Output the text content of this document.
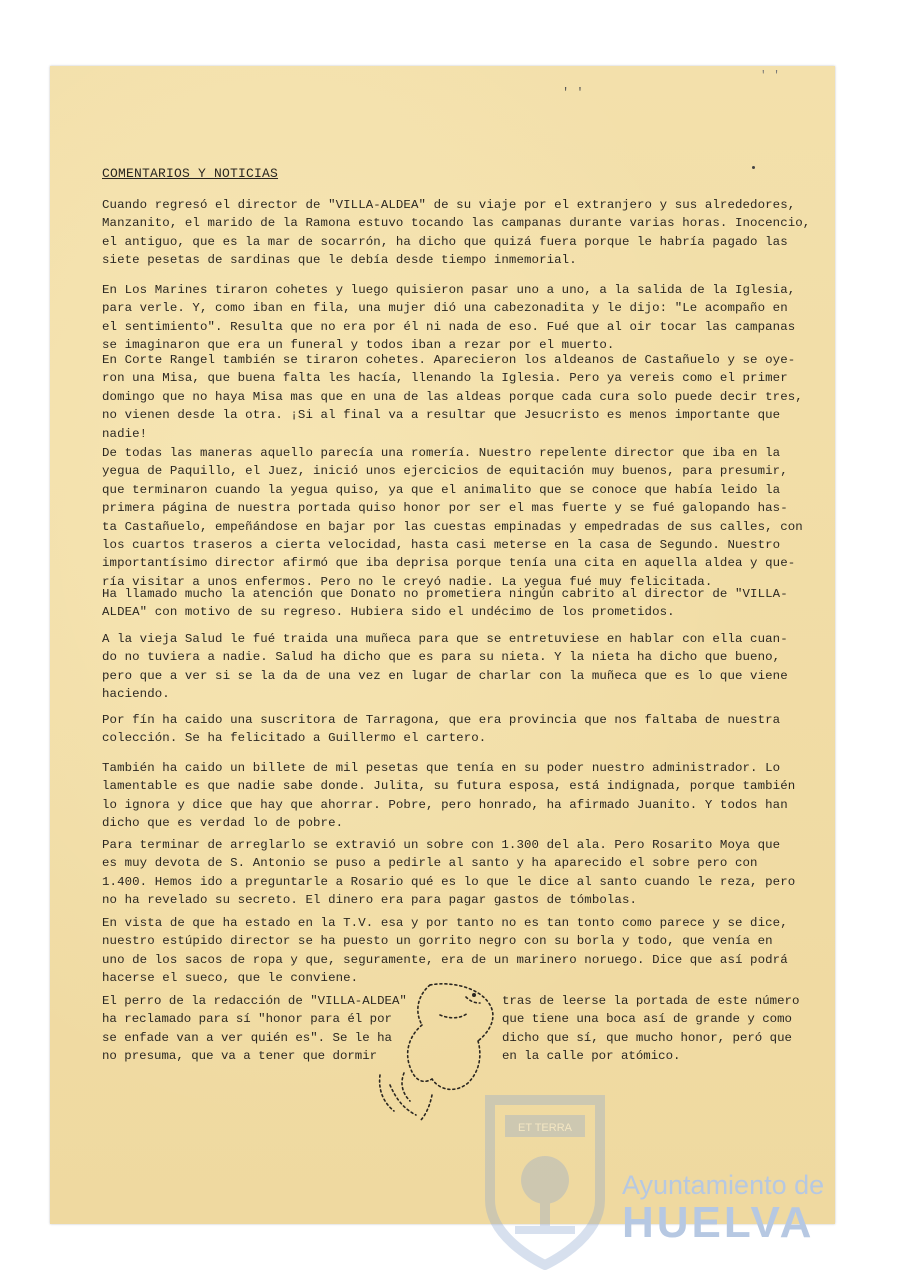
' '
' '
COMENTARIOS Y NOTICIAS

Cuando regresó el director de "VILLA-ALDEA" de su viaje por el extranjero y sus alrededores,
Manzanito, el marido de la Ramona estuvo tocando las campanas durante varias horas. Inocencio,
el antiguo, que es la mar de socarrón, ha dicho que quizá fuera porque le habría pagado las
siete pesetas de sardinas que le debía desde tiempo inmemorial.

En Los Marines tiraron cohetes y luego quisieron pasar uno a uno, a la salida de la Iglesia,
para verle. Y, como iban en fila, una mujer dió una cabezonadita y le dijo: "Le acompaño en
el sentimiento". Resulta que no era por él ni nada de eso. Fué que al oir tocar las campanas
se imaginaron que era un funeral y todos iban a rezar por el muerto.

En Corte Rangel también se tiraron cohetes. Aparecieron los aldeanos de Castañuelo y se oye-
ron una Misa, que buena falta les hacía, llenando la Iglesia. Pero ya vereis como el primer
domingo que no haya Misa mas que en una de las aldeas porque cada cura solo puede decir tres,
no vienen desde la otra. ¡Si al final va a resultar que Jesucristo es menos importante que
nadie!

De todas las maneras aquello parecía una romería. Nuestro repelente director que iba en la
yegua de Paquillo, el Juez, inició unos ejercicios de equitación muy buenos, para presumir,
que terminaron cuando la yegua quiso, ya que el animalito que se conoce que había leido la
primera página de nuestra portada quiso honor por ser el mas fuerte y se fué galopando has-
ta Castañuelo, empeñándose en bajar por las cuestas empinadas y empedradas de sus calles, con
los cuartos traseros a cierta velocidad, hasta casi meterse en la casa de Segundo. Nuestro
importantísimo director afirmó que iba deprisa porque tenía una cita en aquella aldea y que-
ría visitar a unos enfermos. Pero no le creyó nadie. La yegua fué muy felicitada.

Ha llamado mucho la atención que Donato no prometiera ningún cabrito al director de "VILLA-
ALDEA" con motivo de su regreso. Hubiera sido el undécimo de los prometidos.

A la vieja Salud le fué traida una muñeca para que se entretuviese en hablar con ella cuan-
do no tuviera a nadie. Salud ha dicho que es para su nieta. Y la nieta ha dicho que bueno,
pero que a ver si se la da de una vez en lugar de charlar con la muñeca que es lo que viene
haciendo.

Por fín ha caido una suscritora de Tarragona, que era provincia que nos faltaba de nuestra
colección. Se ha felicitado a Guillermo el cartero.

También ha caido un billete de mil pesetas que tenía en su poder nuestro administrador. Lo
lamentable es que nadie sabe donde. Julita, su futura esposa, está indignada, porque también
lo ignora y dice que hay que ahorrar. Pobre, pero honrado, ha afirmado Juanito. Y todos han
dicho que es verdad lo de pobre.

Para terminar de arreglarlo se extravió un sobre con 1.300 del ala. Pero Rosarito Moya que
es muy devota de S. Antonio se puso a pedirle al santo y ha aparecido el sobre pero con
1.400. Hemos ido a preguntarle a Rosario qué es lo que le dice al santo cuando le reza, pero
no ha revelado su secreto. El dinero era para pagar gastos de tómbolas.

En vista de que ha estado en la T.V. esa y por tanto no es tan tonto como parece y se dice,
nuestro estúpido director se ha puesto un gorrito negro con su borla y todo, que venía en
uno de los sacos de ropa y que, seguramente, era de un marinero noruego. Dice que así podrá
hacerse el sueco, que le conviene.

El perro de la redacción de "VILLA-ALDEA"
ha reclamado para sí "honor para él por
se enfade van a ver quién es". Se le ha
no presuma, que va a tener que dormir

tras de leerse la portada de este número
que tiene una boca así de grande y como
dicho que sí, que mucho honor, peró que
en la calle por atómico.

ET TERRA
Ayuntamiento de
HUELVA
